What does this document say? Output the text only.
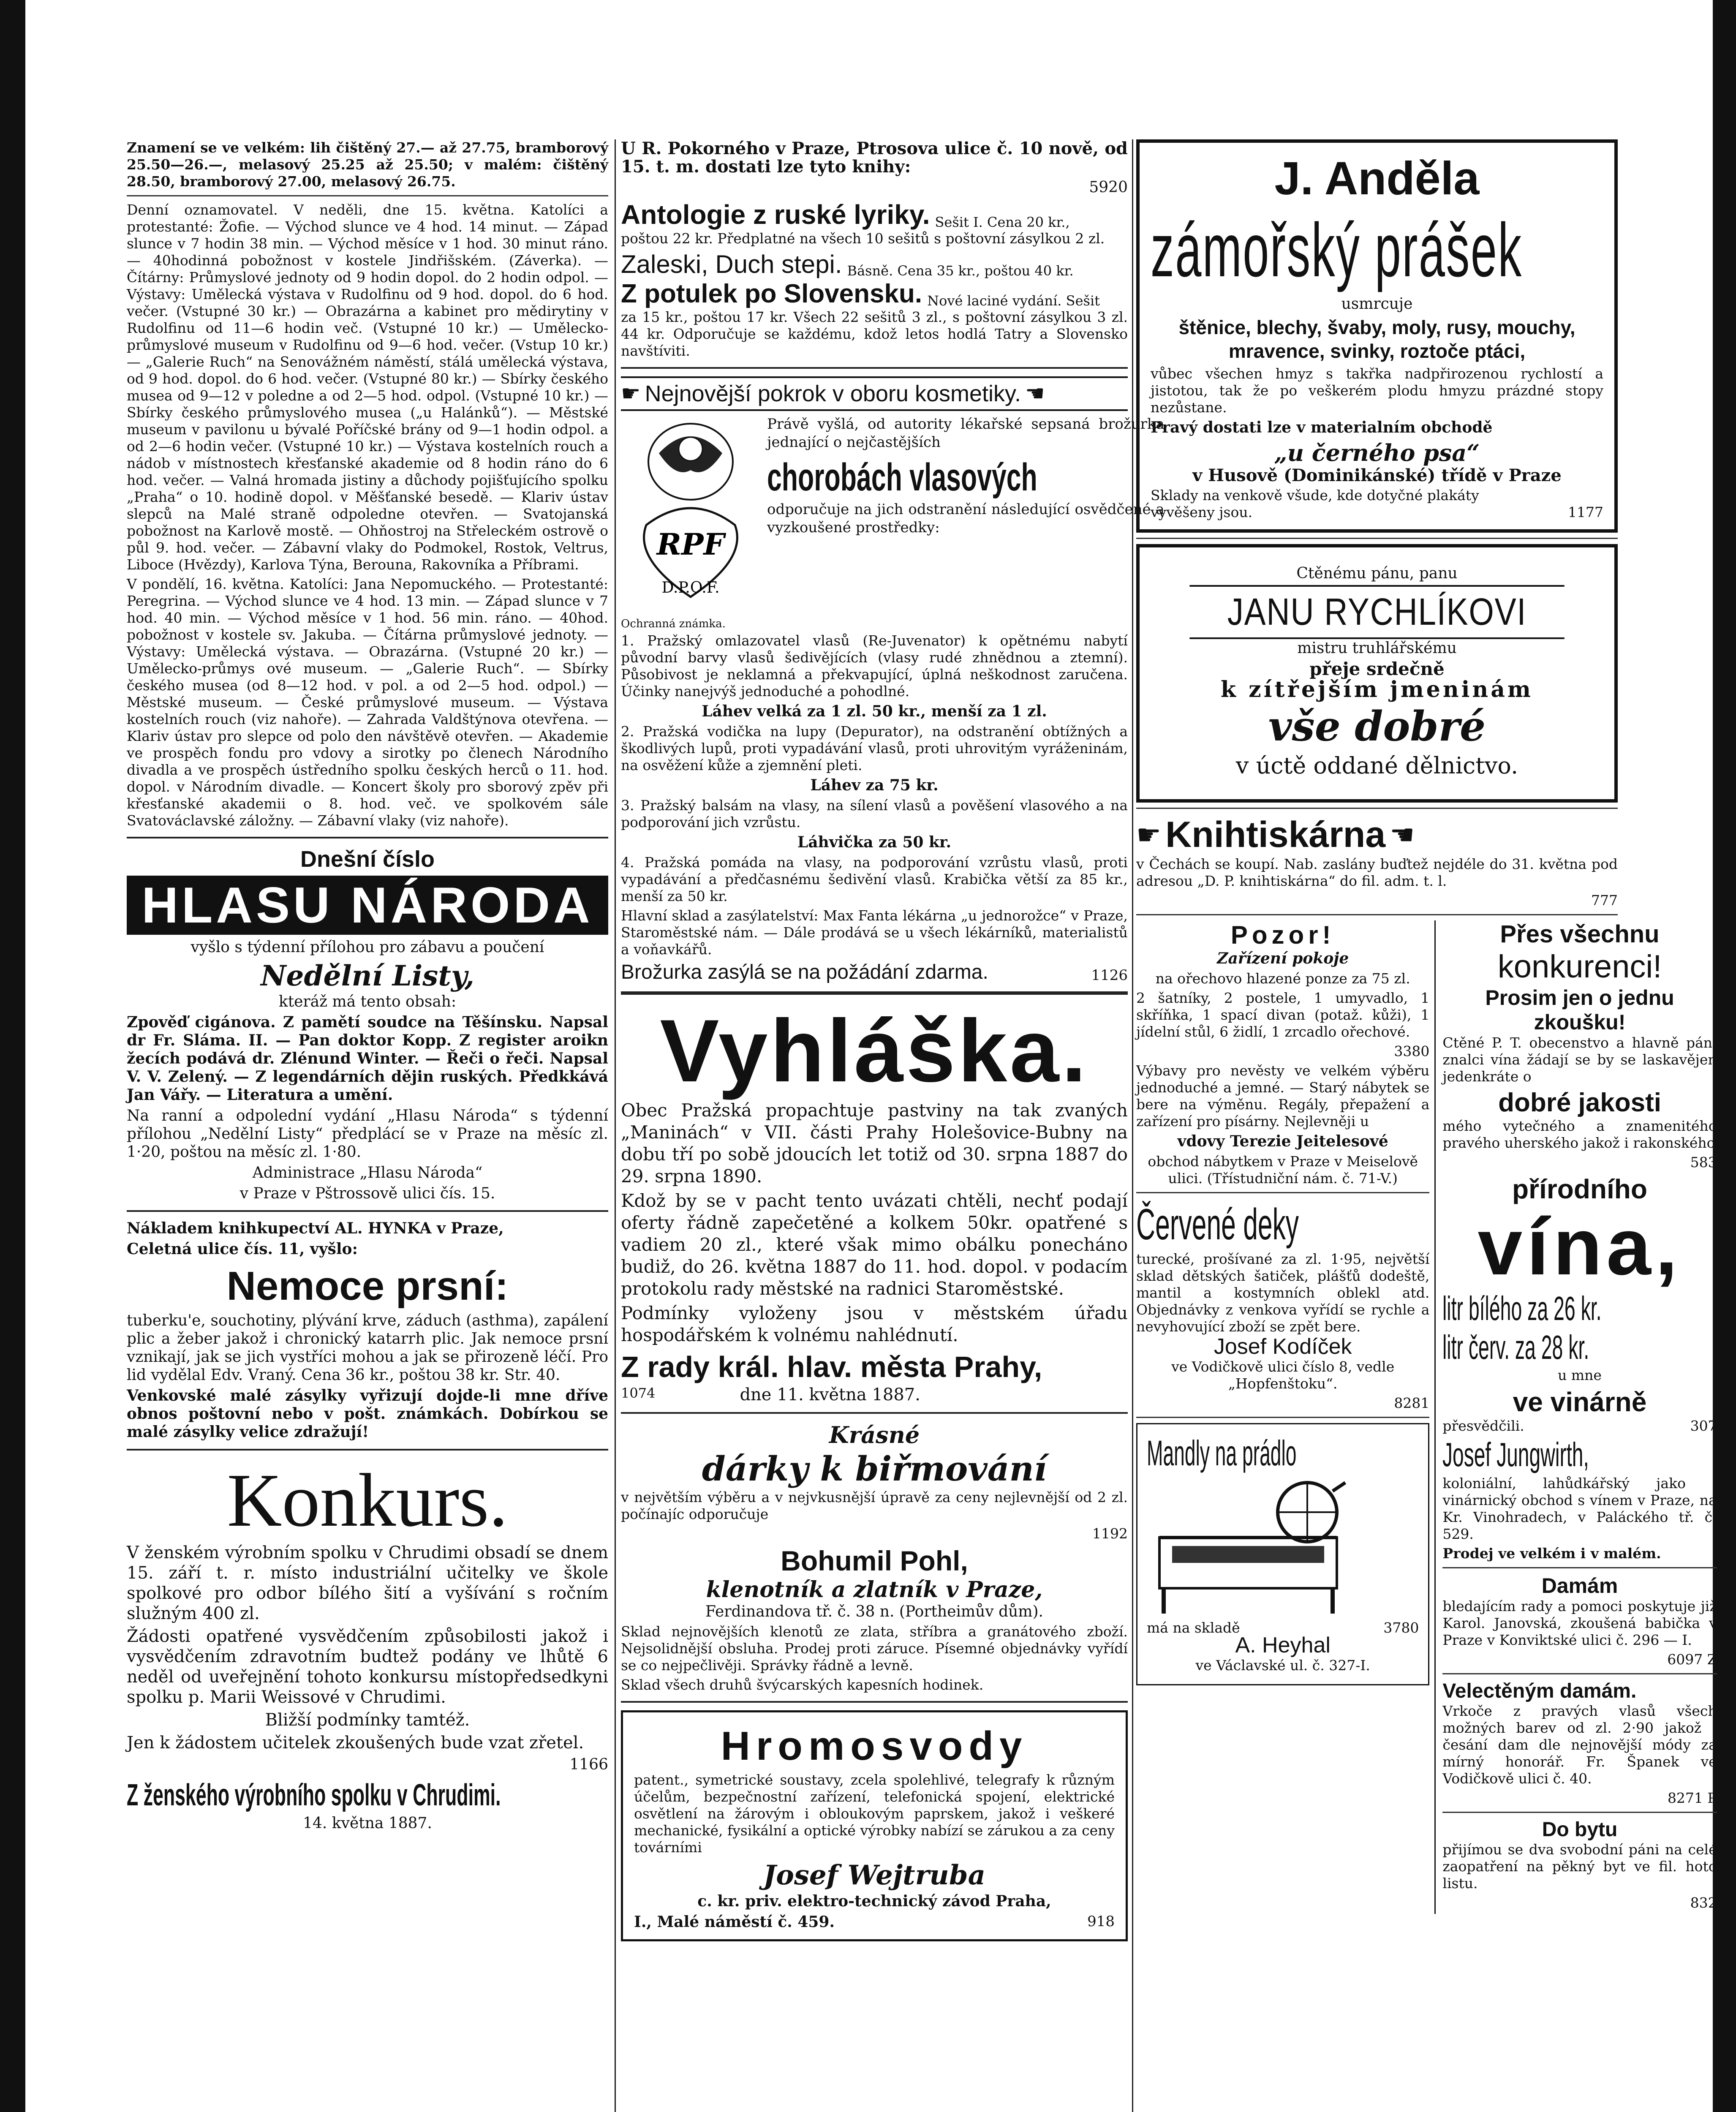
Znamení se ve velkém: lih čištěný 27.— až 27.75, bramborový 25.50—26.—, melasový 25.25 až 25.50; v malém: čištěný 28.50, bramborový 27.00, melasový 26.75.

Denní oznamovatel. V neděli, dne 15. května. Katolíci a protestanté: Žofie. — Východ slunce ve 4 hod. 14 minut. — Západ slunce v 7 hodin 38 min. — Východ měsíce v 1 hod. 30 minut ráno. — 40hodinná pobožnost v kostele Jindřišském. (Záverka). — Čítárny: Průmyslové jednoty od 9 hodin dopol. do 2 hodin odpol. — Výstavy: Umělecká výstava v Rudolfinu od 9 hod. dopol. do 6 hod. večer. (Vstupné 30 kr.) — Obrazárna a kabinet pro mědirytiny v Rudolfinu od 11—6 hodin več. (Vstupné 10 kr.) — Umělecko-průmyslové museum v Rudolfinu od 9—6 hod. večer. (Vstup 10 kr.) — „Galerie Ruch“ na Senovážném náměstí, stálá umělecká výstava, od 9 hod. dopol. do 6 hod. večer. (Vstupné 80 kr.) — Sbírky českého musea od 9—12 v poledne a od 2—5 hod. odpol. (Vstupné 10 kr.) — Sbírky českého průmyslového musea („u Halánků“). — Městské museum v pavilonu u bývalé Poříčské brány od 9—1 hodin odpol. a od 2—6 hodin večer. (Vstupné 10 kr.) — Výstava kostelních rouch a nádob v místnostech křesťanské akademie od 8 hodin ráno do 6 hod. večer. — Valná hromada jistiny a důchody pojišťujícího spolku „Praha“ o 10. hodině dopol. v Měšťanské besedě. — Klariv ústav slepců na Malé straně odpoledne otevřen. — Svatojanská pobožnost na Karlově mostě. — Ohňostroj na Střeleckém ostrově o půl 9. hod. večer. — Zábavní vlaky do Podmokel, Rostok, Veltrus, Liboce (Hvězdy), Karlova Týna, Berouna, Rakovníka a Příbrami.

V pondělí, 16. května. Katolíci: Jana Nepomuckého. — Protestanté: Peregrina. — Východ slunce ve 4 hod. 13 min. — Západ slunce v 7 hod. 40 min. — Východ měsíce v 1 hod. 56 min. ráno. — 40hod. pobožnost v kostele sv. Jakuba. — Čítárna průmyslové jednoty. — Výstavy: Umělecká výstava. — Obrazárna. (Vstupné 20 kr.) — Umělecko-průmys ové museum. — „Galerie Ruch“. — Sbírky českého musea (od 8—12 hod. v pol. a od 2—5 hod. odpol.) — Městské museum. — České průmyslové museum. — Výstava kostelních rouch (viz nahoře). — Zahrada Valdštýnova otevřena. — Klariv ústav pro slepce od polo den návštěvě otevřen. — Akademie ve prospěch fondu pro vdovy a sirotky po členech Národního divadla a ve prospěch ústředního spolku českých herců o 11. hod. dopol. v Národním divadle. — Koncert školy pro sborový zpěv při křesťanské akademii o 8. hod. več. ve spolkovém sále Svatováclavské záložny. — Zábavní vlaky (viz nahoře).

Dnešní číslo
HLASU NÁRODA

vyšlo s týdenní přílohou pro zábavu a poučení

Nedělní Listy,

kteráž má tento obsah:

Zpověď cigánova. Z pamětí soudce na Těšínsku. Napsal dr Fr. Sláma. II. — Pan doktor Kopp. Z register aroikn žecích podává dr. Zlénund Winter. — Řeči o řeči. Napsal V. V. Zelený. — Z legendárních dějin ruských. Předkkává Jan Vářy. — Literatura a umění.

Na ranní a odpolední vydání „Hlasu Národa“ s týdenní přílohou „Nedělní Listy“ předplácí se v Praze na měsíc zl. 1·20, poštou na měsíc zl. 1·80.

Administrace „Hlasu Národa“

v Praze v Pštrossově ulici čís. 15.

Nákladem knihkupectví AL. HYNKA v Praze,

Celetná ulice čís. 11, vyšlo:

Nemoce prsní:

tuberku'e, souchotiny, plývání krve, záduch (asthma), zapálení plic a žeber jakož i chronický katarrh plic. Jak nemoce prsní vznikají, jak se jich vystříci mohou a jak se přirozeně léčí. Pro lid vydělal Edv. Vraný. Cena 36 kr., poštou 38 kr. Str. 40.

Venkovské malé zásylky vyřizují dojde-li mne dříve obnos poštovní nebo v pošt. známkách. Dobírkou se malé zásylky velice zdražují!

Konkurs.

V ženském výrobním spolku v Chrudimi obsadí se dnem 15. září t. r. místo industriální učitelky ve škole spolkové pro odbor bílého šití a vyšívání s ročním služným 400 zl.

Žádosti opatřené vysvědčením způsobilosti jakož i vysvědčením zdravotním budtež podány ve lhůtě 6 neděl od uveřejnění tohoto konkursu místopředsedkyni spolku p. Marii Weissové v Chrudimi.

Bližší podmínky tamtéž.

Jen k žádostem učitelek zkoušených bude vzat zřetel.

1166

Z ženského výrobního spolku v Chrudimi.

14. května 1887.

U R. Pokorného v Praze, Ptrosova ulice č. 10 nově, od 15. t. m. dostati lze tyto knihy:

5920

Antologie z ruské lyriky. Sešit I. Cena 20 kr.,

poštou 22 kr. Předplatné na všech 10 sešitů s poštovní zásylkou 2 zl.

Zaleski, Duch stepi. Básně. Cena 35 kr., poštou 40 kr.
Z potulek po Slovensku. Nové laciné vydání. Sešit

za 15 kr., poštou 17 kr. Všech 22 sešitů 3 zl., s poštovní zásylkou 3 zl. 44 kr. Odporučuje se každému, kdož letos hodlá Tatry a Slovensko navštíviti.

☛ Nejnovější pokrok v oboru kosmetiky. ☚
RPF
D.P.O.F.

Právě vyšlá, od autority lékařské sepsaná brožurka jednající o nejčastějších

chorobách vlasových

odporučuje na jich odstranění následující osvědčené a vyzkoušené prostředky:

Ochranná známka.

1. Pražský omlazovatel vlasů (Re-Juvenator) k opětnému nabytí původní barvy vlasů šedivějících (vlasy rudé zhnědnou a ztemní). Působivost je neklamná a překvapující, úplná neškodnost zaručena. Účinky nanejvýš jednoduché a pohodlné.

Láhev velká za 1 zl. 50 kr., menší za 1 zl.

2. Pražská vodička na lupy (Depurator), na odstranění obtížných a škodlivých lupů, proti vypadávání vlasů, proti uhrovitým vyráženinám, na osvěžení kůže a zjemnění pleti.

Láhev za 75 kr.

3. Pražský balsám na vlasy, na sílení vlasů a pověšení vlasového a na podporování jich vzrůstu.

Láhvička za 50 kr.

4. Pražská pomáda na vlasy, na podporování vzrůstu vlasů, proti vypadávání a předčasnému šedivění vlasů. Krabička větší za 85 kr., menší za 50 kr.

Hlavní sklad a zasýlatelství: Max Fanta lékárna „u jednorožce“ v Praze, Staroměstské nám. — Dále prodává se u všech lékárníků, materialistů a voňavkářů.

Brožurka zasýlá se na požádání zdarma.	1126
Vyhláška.

Obec Pražská propachtuje pastviny na tak zvaných „Maninách“ v VII. části Prahy Holešovice-Bubny na dobu tří po sobě jdoucích let totiž od 30. srpna 1887 do 29. srpna 1890.

Kdož by se v pacht tento uvázati chtěli, nechť podají oferty řádně zapečetěné a kolkem 50kr. opatřené s vadiem 20 zl., které však mimo obálku ponecháno budiž, do 26. května 1887 do 11. hod. dopol. v podacím protokolu rady městské na radnici Staroměstské.

Podmínky vyloženy jsou v městském úřadu hospodářském k volnému nahlédnutí.

Z rady král. hlav. města Prahy,
1074	dne 11. května 1887.
Krásné
dárky k biřmování

v největším výběru a v nejvkusnější úpravě za ceny nejlevnější od 2 zl. počínajíc odporučuje

1192

Bohumil Pohl,
klenotník a zlatník v Praze,

Ferdinandova tř. č. 38 n. (Portheimův dům).

Sklad nejnovějších klenotů ze zlata, stříbra a granátového zboží. Nejsolidnější obsluha. Prodej proti záruce. Písemné objednávky vyřídí se co nejpečlivěji. Správky řádně a levně.

Sklad všech druhů švýcarských kapesních hodinek.

Hromosvody

patent., symetrické soustavy, zcela spolehlivé, telegrafy k různým účelům, bezpečnostní zařízení, telefonická spojení, elektrické osvětlení na žárovým i obloukovým paprskem, jakož i veškeré mechanické, fysikální a optické výrobky nabízí se zárukou a za ceny továrními

Josef Wejtruba

c. kr. priv. elektro-technický závod Praha,

I., Malé náměstí č. 459.	918
J. Anděla
zámořský prášek

usmrcuje

štěnice, blechy, švaby, moly, rusy, mouchy, mravence, svinky, roztoče ptáci,

vůbec všechen hmyz s takřka nadpřirozenou rychlostí a jistotou, tak že po veškerém plodu hmyzu prázdné stopy nezůstane.

Pravý dostati lze v materialním obchodě

„u černého psa“

v Husově (Dominikánské) třídě v Praze

Sklady na venkově všude, kde dotyčné plakáty vyvěšeny jsou.	1177

Ctěnému pánu, panu

JANU RYCHLÍKOVI

mistru truhlářskému

přeje srdečně

k zítřejším jmeninám

vše dobré

v úctě oddané dělnictvo.

☛ Knihtiskárna ☚

v Čechách se koupí. Nab. zaslány buďtež nejdéle do 31. května pod adresou „D. P. knihtiskárna“ do fil. adm. t. l.

777

Pozor!

Zařízení pokoje

na ořechovo hlazené ponze za 75 zl.

2 šatníky, 2 postele, 1 umyvadlo, 1 skříňka, 1 spací divan (potaž. kůži), 1 jídelní stůl, 6 židlí, 1 zrcadlo ořechové.

3380

Výbavy pro nevěsty ve velkém výběru jednoduché a jemné. — Starý nábytek se bere na výměnu. Regály, přepažení a zařízení pro písárny. Nejlevněji u

vdovy Terezie Jeitelesové

obchod nábytkem v Praze v Meiselově ulici. (Třístudniční nám. č. 71-V.)

Červené deky

turecké, prošívané za zl. 1·95, největší sklad dětských šatiček, plášťů dodeště, mantil a kostymních oblekl atd. Objednávky z venkova vyřídí se rychle a nevyhovující zboží se zpět bere.

Josef Kodíček

ve Vodičkově ulici číslo 8, vedle „Hopfenštoku“.

8281

Mandly na prádlo
má na skladě	3780

A. Heyhal

ve Václavské ul. č. 327-I.

Přes všechnu
konkurenci!
Prosim jen o jednu
zkoušku!

Ctěné P. T. obecenstvo a hlavně páni znalci vína žádají se by se laskavějen jedenkráte o

dobré jakosti

mého vytečného a znamenitého pravého uherského jakož i rakonského

583

přírodního
vína,
litr bílého za 26 kr.
litr červ. za 28 kr.

u mne

ve vinárně
přesvědčili.	307
Josef Jungwirth,

koloniální, lahůdkářský jako i vinárnický obchod s vínem v Praze, na Kr. Vinohradech, v Paláckého tř. č. 529.

Prodej ve velkém i v malém.

Damám

bledajícím rady a pomoci poskytuje již Karol. Janovská, zkoušená babička v Praze v Konviktské ulici č. 296 — I.

6097 Z

Velectěným damám.

Vrkoče z pravých vlasů všech možných barev od zl. 2·90 jakož i česání dam dle nejnovější módy za mírný honorář. Fr. Španek ve Vodičkově ulici č. 40.

8271 P

Do bytu

přijímou se dva svobodní páni na celé zaopatření na pěkný byt ve fil. hoto listu.

832
